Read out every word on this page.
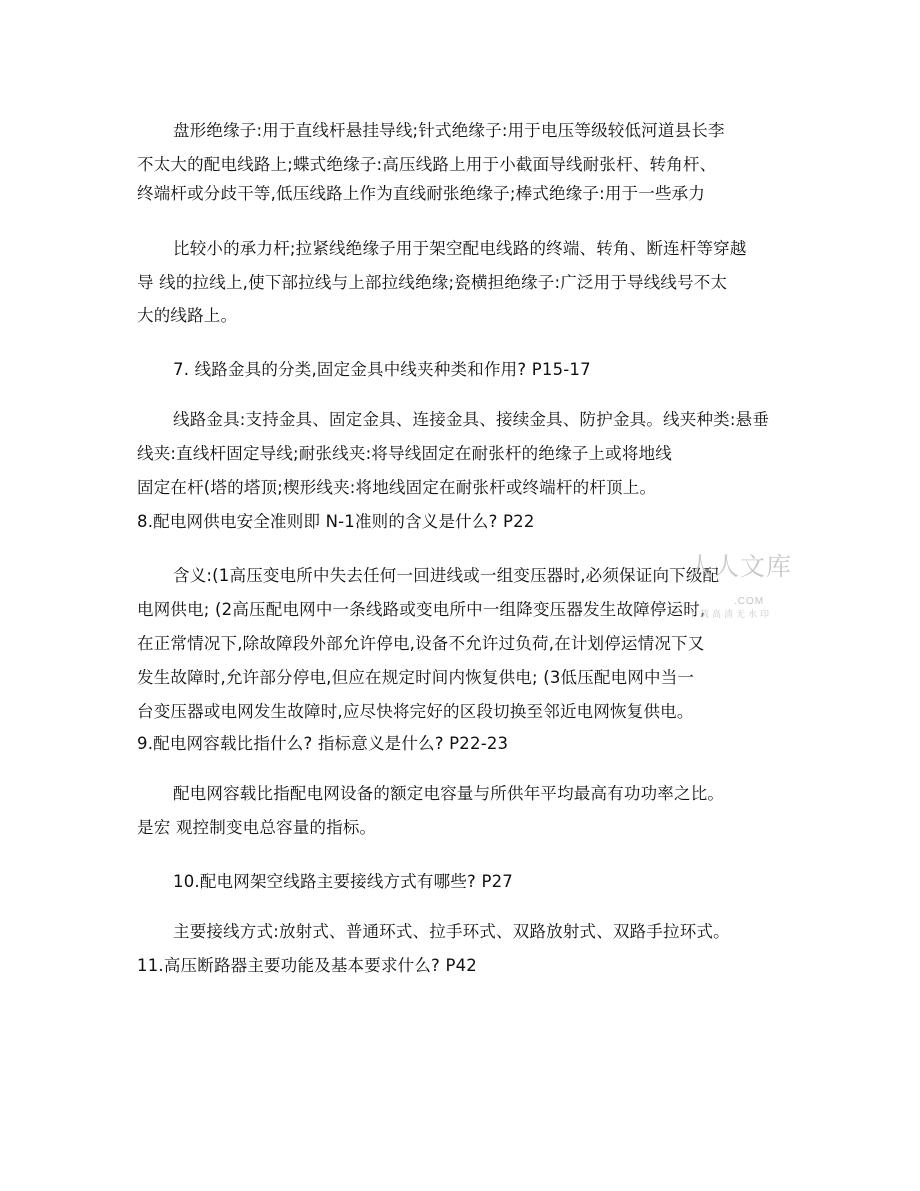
盘形绝缘子:用于直线杆悬挂导线;针式绝缘子:用于电压等级较低河道县长李
不太大的配电线路上;蝶式绝缘子:高压线路上用于小截面导线耐张杆、转角杆、
终端杆或分歧干等,低压线路上作为直线耐张绝缘子;棒式绝缘子:用于一些承力
比较小的承力杆;拉紧线绝缘子用于架空配电线路的终端、转角、断连杆等穿越
导 线的拉线上,使下部拉线与上部拉线绝缘;瓷横担绝缘子:广泛用于导线线号不太
大的线路上。
7. 线路金具的分类,固定金具中线夹种类和作用? P15-17
线路金具:支持金具、固定金具、连接金具、接续金具、防护金具。线夹种类:悬垂
线夹:直线杆固定导线;耐张线夹:将导线固定在耐张杆的绝缘子上或将地线
固定在杆(塔的塔顶;楔形线夹:将地线固定在耐张杆或终端杆的杆顶上。
8.配电网供电安全准则即 N-1准则的含义是什么? P22
含义:(1高压变电所中失去任何一回进线或一组变压器时,必须保证向下级配
电网供电; (2高压配电网中一条线路或变电所中一组降变压器发生故障停运时,
在正常情况下,除故障段外部允许停电,设备不允许过负荷,在计划停运情况下又
发生故障时,允许部分停电,但应在规定时间内恢复供电; (3低压配电网中当一
台变压器或电网发生故障时,应尽快将完好的区段切换至邻近电网恢复供电。
9.配电网容载比指什么? 指标意义是什么? P22-23
配电网容载比指配电网设备的额定电容量与所供年平均最高有功功率之比。
是宏 观控制变电总容量的指标。
10.配电网架空线路主要接线方式有哪些? P27
主要接线方式:放射式、普通环式、拉手环式、双路放射式、双路手拉环式。
11.高压断路器主要功能及基本要求什么? P42
人人文库
.COM
下载高清无水印
